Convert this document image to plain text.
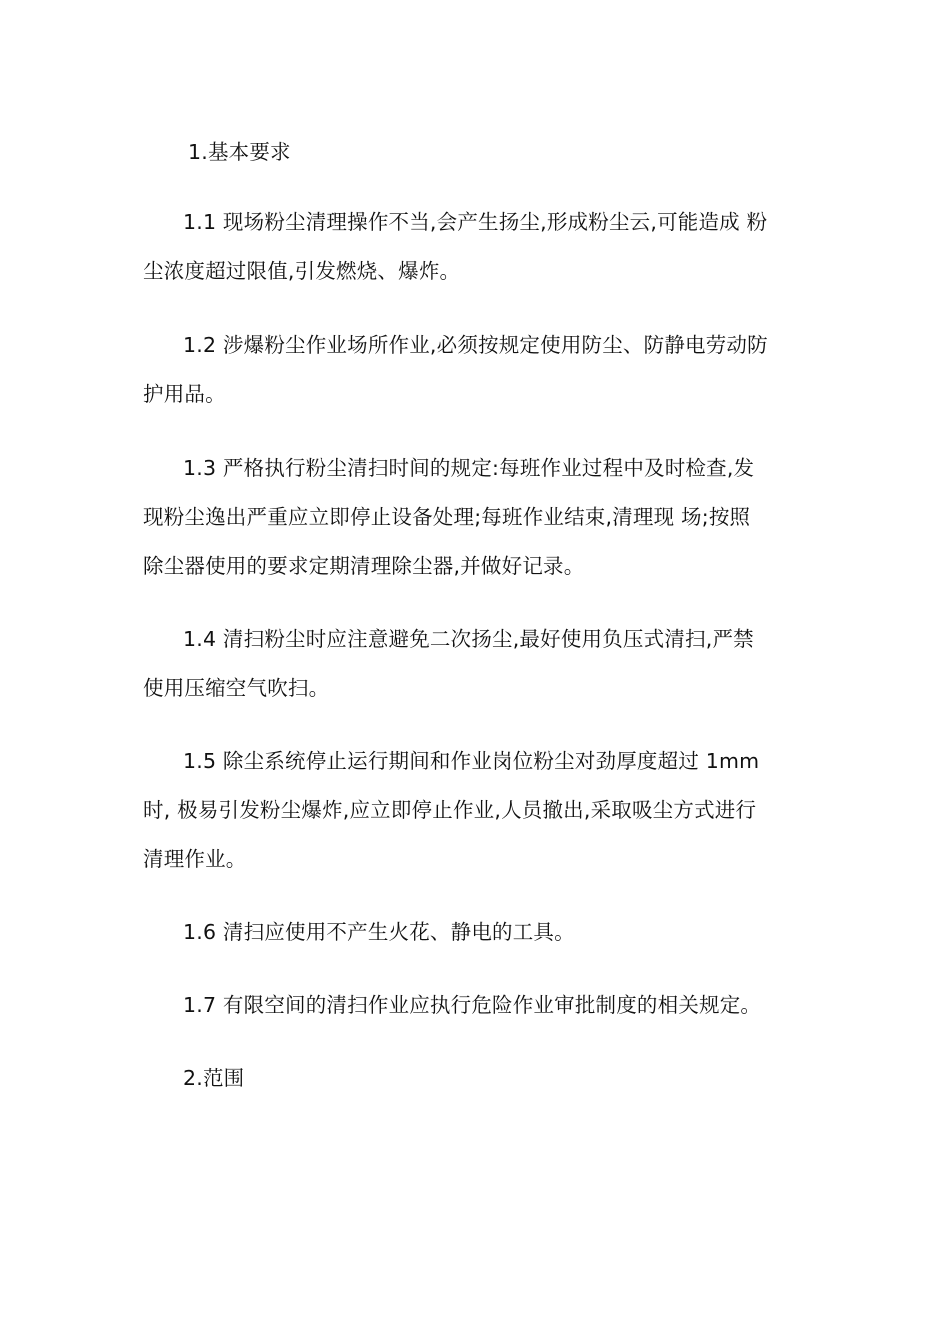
1.基本要求
1.1 现场粉尘清理操作不当,会产生扬尘,形成粉尘云,可能造成 粉
尘浓度超过限值,引发燃烧、爆炸。
1.2 涉爆粉尘作业场所作业,必须按规定使用防尘、防静电劳动防
护用品。
1.3 严格执行粉尘清扫时间的规定:每班作业过程中及时检查,发
现粉尘逸出严重应立即停止设备处理;每班作业结束,清理现 场;按照
除尘器使用的要求定期清理除尘器,并做好记录。
1.4 清扫粉尘时应注意避免二次扬尘,最好使用负压式清扫,严禁
使用压缩空气吹扫。
1.5 除尘系统停止运行期间和作业岗位粉尘对劲厚度超过 1mm
时, 极易引发粉尘爆炸,应立即停止作业,人员撤出,采取吸尘方式进行
清理作业。
1.6 清扫应使用不产生火花、静电的工具。
1.7 有限空间的清扫作业应执行危险作业审批制度的相关规定。
2.范围
